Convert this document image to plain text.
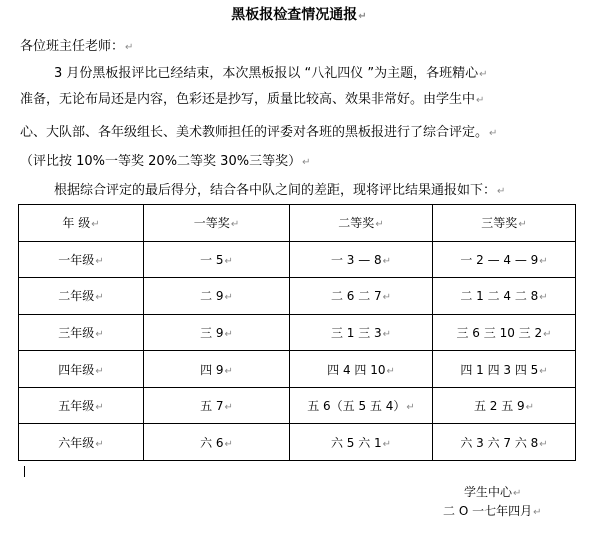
黑板报检查情况通报↵
各位班主任老师：↵
3 月份黑板报评比已经结束，本次黑板报以 “八礼四仪 ”为主题，各班精心↵
准备，无论布局还是内容，色彩还是抄写，质量比较高、效果非常好。由学生中↵
心、大队部、各年级组长、美术教师担任的评委对各班的黑板报进行了综合评定。↵
（评比按 10%一等奖 20%二等奖 30%三等奖）↵
根据综合评定的最后得分，结合各中队之间的差距，现将评比结果通报如下：↵
年 级↵	一等奖↵	二等奖↵	三等奖↵
一年级↵	一 5↵	一 3 — 8↵	一 2 — 4 — 9↵
二年级↵	二 9↵	二 6 二 7↵	二 1 二 4 二 8↵
三年级↵	三 9↵	三 1 三 3↵	三 6 三 10 三 2↵
四年级↵	四 9↵	四 4 四 10↵	四 1 四 3 四 5↵
五年级↵	五 7↵	五 6（五 5 五 4）↵	五 2 五 9↵
六年级↵	六 6↵	六 5 六 1↵	六 3 六 7 六 8↵
学生中心↵
二 O 一七年四月↵
